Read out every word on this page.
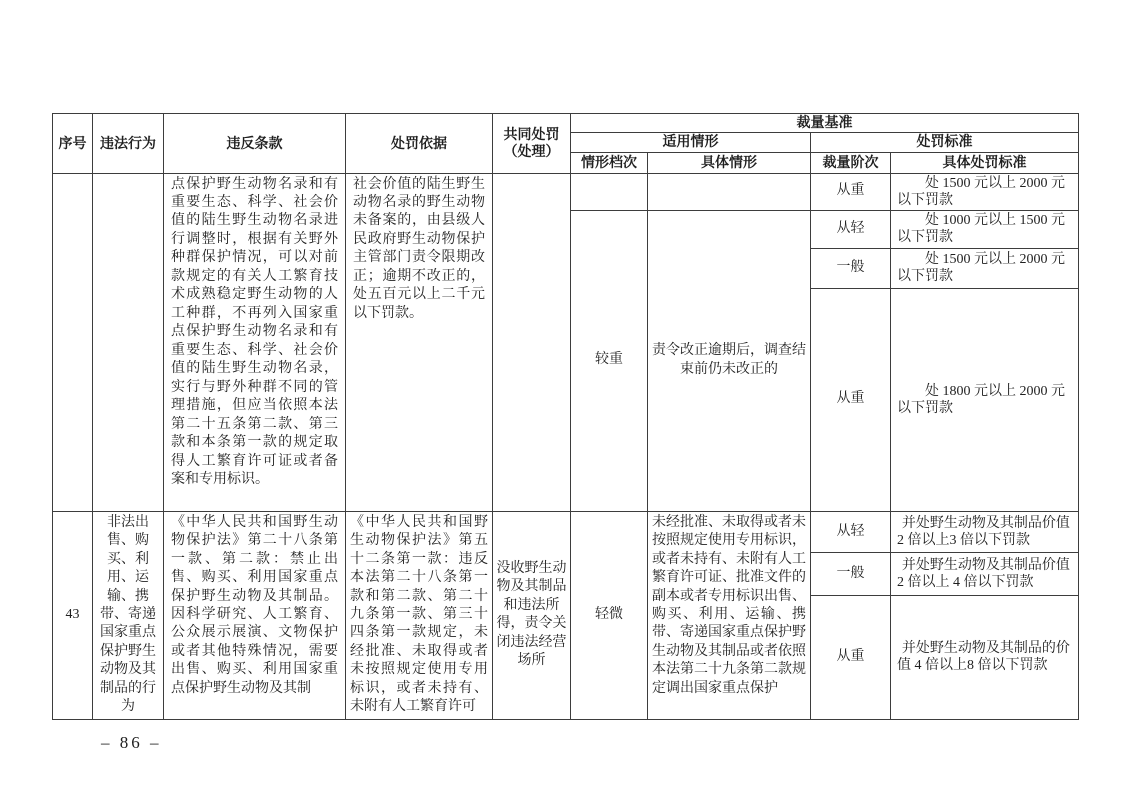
序号	违法行为	违反条款	处罚依据	共同处罚（处理）	裁量基准			
					适用情形		处罚标准	
					情形档次	具体情形	裁量阶次	具体处罚标准
		点保护野生动物名录和有重要生态、科学、社会价值的陆生野生动物名录进行调整时，根据有关野外种群保护情况，可以对前款规定的有关人工繁育技术成熟稳定野生动物的人工种群，不再列入国家重点保护野生动物名录和有重要生态、科学、社会价值的陆生野生动物名录，实行与野外种群不同的管理措施，但应当依照本法第二十五条第二款、第三款和本条第一款的规定取得人工繁育许可证或者备案和专用标识。	社会价值的陆生野生动物名录的野生动物未备案的，由县级人民政府野生动物保护主管部门责令限期改正；逾期不改正的，处五百元以上二千元以下罚款。				从重	处 1500 元以上 2000 元 以下罚款
					较重	责令改正逾期后，调查结束前仍未改正的	从轻	处 1000 元以上 1500 元 以下罚款
							一般	处 1500 元以上 2000 元 以下罚款
							从重	处 1800 元以上 2000 元 以下罚款
43	非法出售、购买、利用、运输、携带、寄递国家重点保护野生动物及其制品的行为	《中华人民共和国野生动物保护法》第二十八条第一款、第二款：禁止出售、购买、利用国家重点保护野生动物及其制品。因科学研究、人工繁育、公众展示展演、文物保护或者其他特殊情况，需要出售、购买、利用国家重点保护野生动物及其制	《中华人民共和国野生动物保护法》第五十二条第一款：违反本法第二十八条第一款和第二款、第二十九条第一款、第三十四条第一款规定，未经批准、未取得或者未按照规定使用专用标识，或者未持有、未附有人工繁育许可	没收野生动物及其制品和违法所得，责令关闭违法经营场所	轻微	未经批准、未取得或者未按照规定使用专用标识，或者未持有、未附有人工繁育许可证、批准文件的副本或者专用标识出售、购买、利用、运输、携带、寄递国家重点保护野生动物及其制品或者依照本法第二十九条第二款规定调出国家重点保护	从轻	并处野生动物及其制品价值 2 倍以上3 倍以下罚款
							一般	并处野生动物及其制品价值 2 倍以上 4 倍以下罚款
							从重	并处野生动物及其制品的价值 4 倍以上8 倍以下罚款
– 86 –
